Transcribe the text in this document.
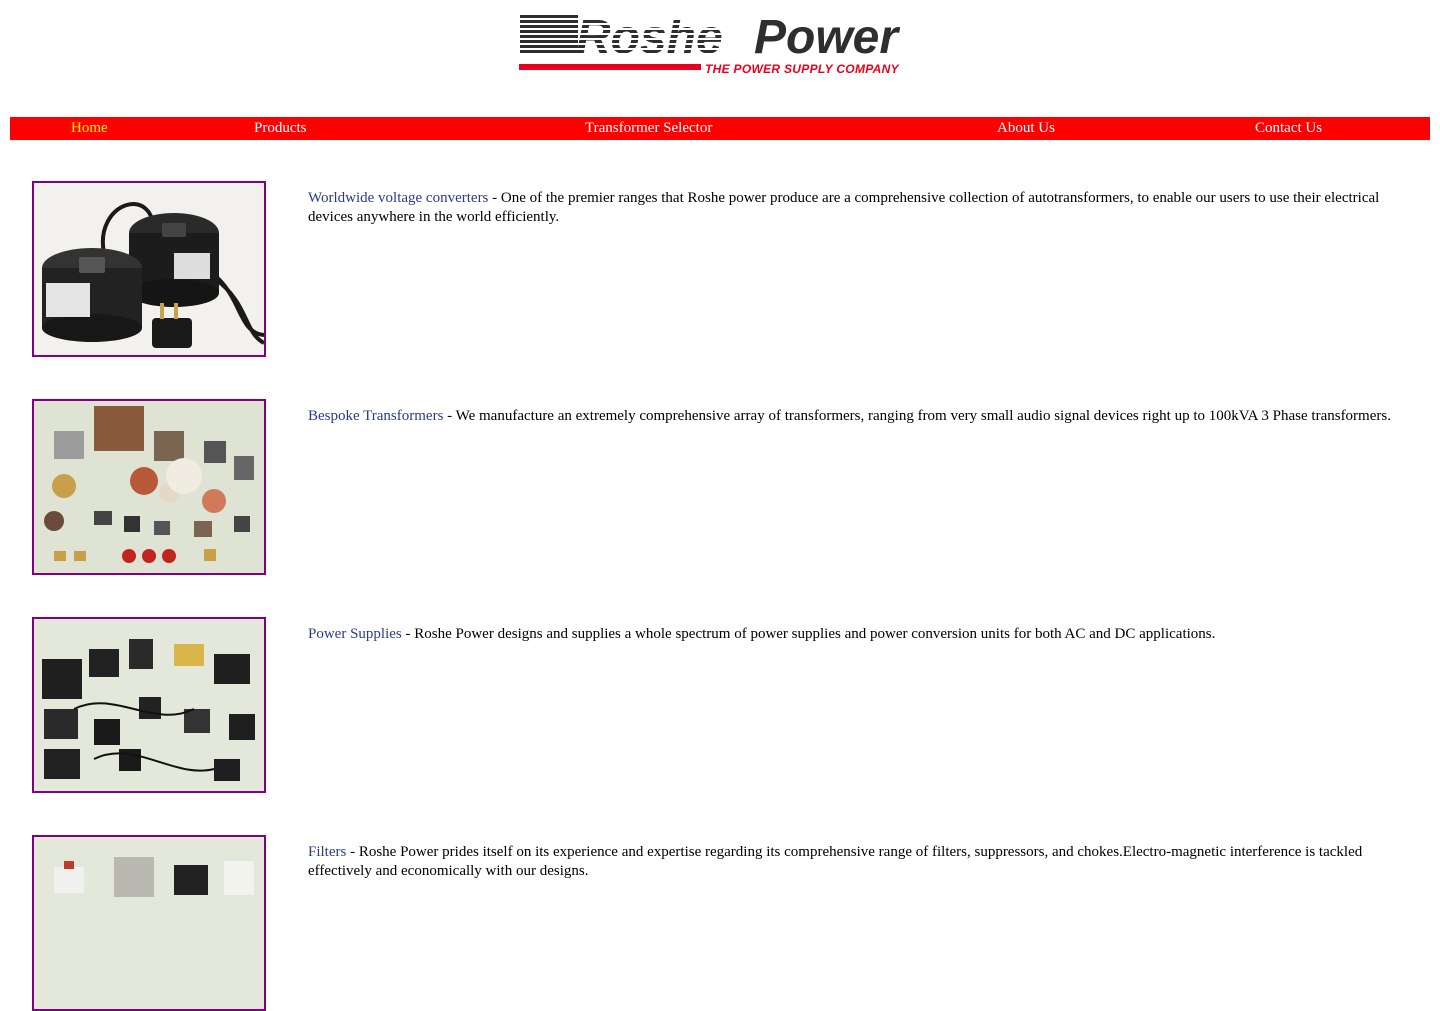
Roshe Power
THE POWER SUPPLY COMPANY
Home	Products	Transformer Selector	About Us	Contact Us
Worldwide voltage converters - One of the premier ranges that Roshe power produce are a comprehensive collection of autotransformers, to enable our users to use their electrical devices anywhere in the world efficiently.
Bespoke Transformers - We manufacture an extremely comprehensive array of transformers, ranging from very small audio signal devices right up to 100kVA 3 Phase transformers.
Power Supplies - Roshe Power designs and supplies a whole spectrum of power supplies and power conversion units for both AC and DC applications.
Filters - Roshe Power prides itself on its experience and expertise regarding its comprehensive range of filters, suppressors, and chokes.Electro-magnetic interference is tackled effectively and economically with our designs.
